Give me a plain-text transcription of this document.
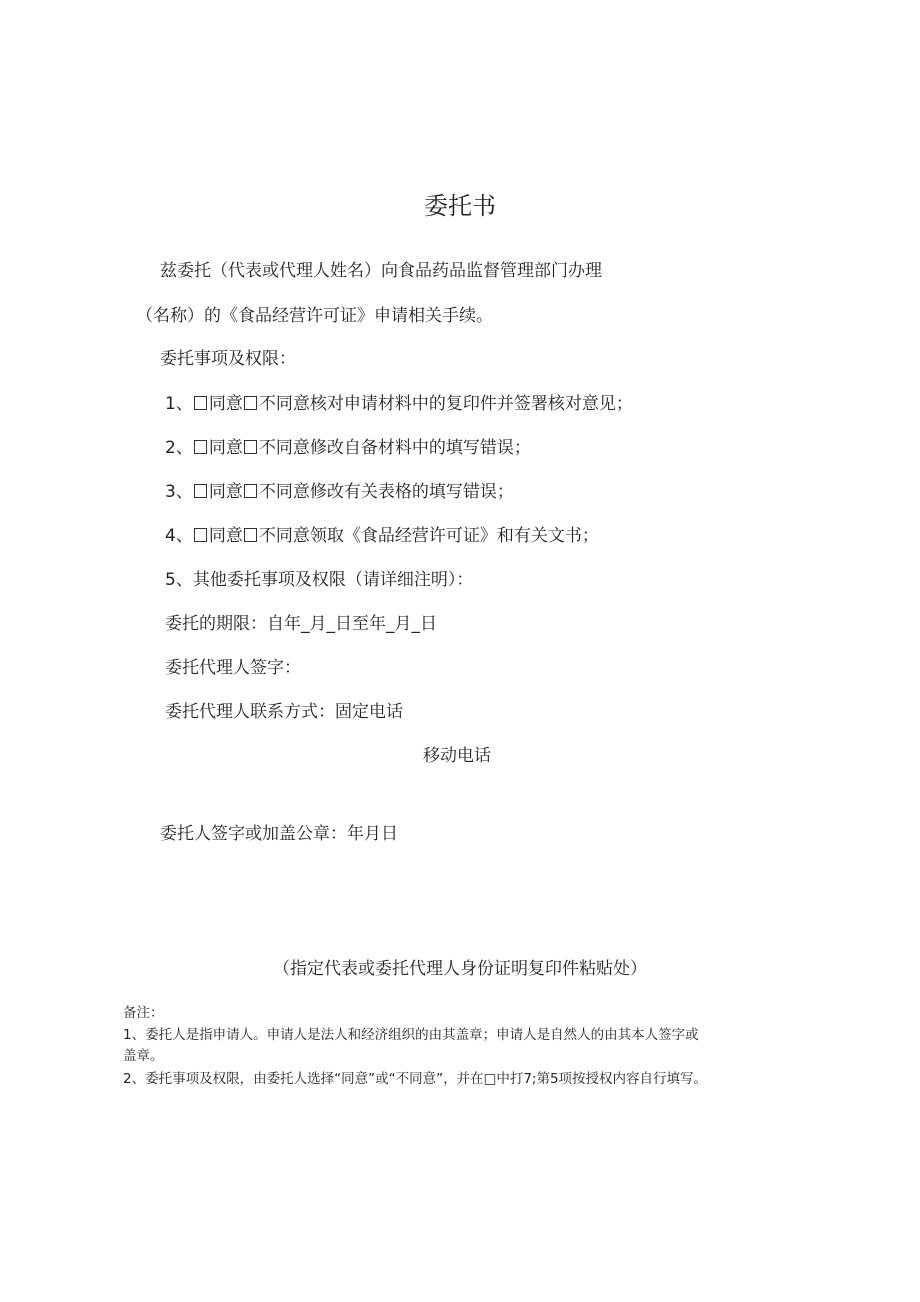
委托书
兹委托（代表或代理人姓名）向食品药品监督管理部门办理
（名称）的《食品经营许可证》申请相关手续。
委托事项及权限：
1、 同意 不同意核对申请材料中的复印件并签署核对意见；
2、 同意 不同意修改自备材料中的填写错误；
3、 同意 不同意修改有关表格的填写错误；
4、 同意 不同意领取《食品经营许可证》和有关文书；
5、其他委托事项及权限（请详细注明）：
委托的期限：自年_月_日至年_月_日
委托代理人签字：
委托代理人联系方式：固定电话
移动电话
委托人签字或加盖公章：年月日
（指定代表或委托代理人身份证明复印件粘贴处）
备注：
1、委托人是指申请人。申请人是法人和经济组织的由其盖章；申请人是自然人的由其本人签字或
盖章。
2、委托事项及权限，由委托人选择“同意”或“不同意”，并在□中打7;第5项按授权内容自行填写。
